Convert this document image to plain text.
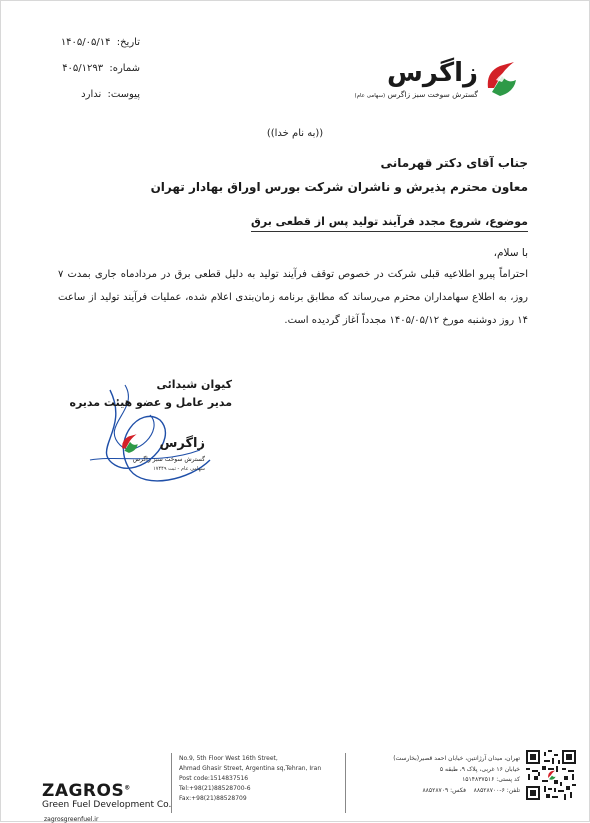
تاریخ: ۱۴۰۵/۰۵/۱۴
شماره: ۴۰۵/۱۲۹۳
پیوست: ندارد
زاگرس
گسترش سوخت سبز زاگرس (سهامی عام)
((به نام خدا))
جناب آقای دکتر قهرمانی
معاون محترم پذیرش و ناشران شرکت بورس اوراق بهادار تهران
موضوع، شروع مجدد فرآیند تولید پس از قطعی برق
با سلام،
احتراماً پیرو اطلاعیه قبلی شرکت در خصوص توقف فرآیند تولید به دلیل قطعی برق در مردادماه جاری بمدت ۷ روز، به اطلاع سهامداران محترم می‌رساند که مطابق برنامه زمان‌بندی اعلام شده، عملیات فرآیند تولید از ساعت ۱۴ روز دوشنبه مورخ ۱۴۰۵/۰۵/۱۲ مجدداً آغاز گردیده است.
کیوان شیدائی
مدیر عامل و عضو هیئت مدیره
زاگرس
گسترش سوخت سبز زاگرس
سهامی عام - ثبت ۱۷۴۴۹
ZAGROS®
Green Fuel Development Co.
zagrosgreenfuel.ir
No.9, 5th Floor West 16th Street,
Ahmad Ghasir Street, Argentina sq,Tehran, Iran
Post code:1514837516
Tel:+98(21)88528700-6
Fax:+98(21)88528709
تهران، میدان آرژانتین، خیابان احمد قصیر(بخارست)
خیابان ۱۶ غربی، پلاک ۹، طبقه ۵
کد پستی: ۱۵۱۴۸۳۷۵۱۶
تلفن: ۶-۸۸۵۲۸۷۰۰    فکس: ۸۸۵۲۸۷۰۹
